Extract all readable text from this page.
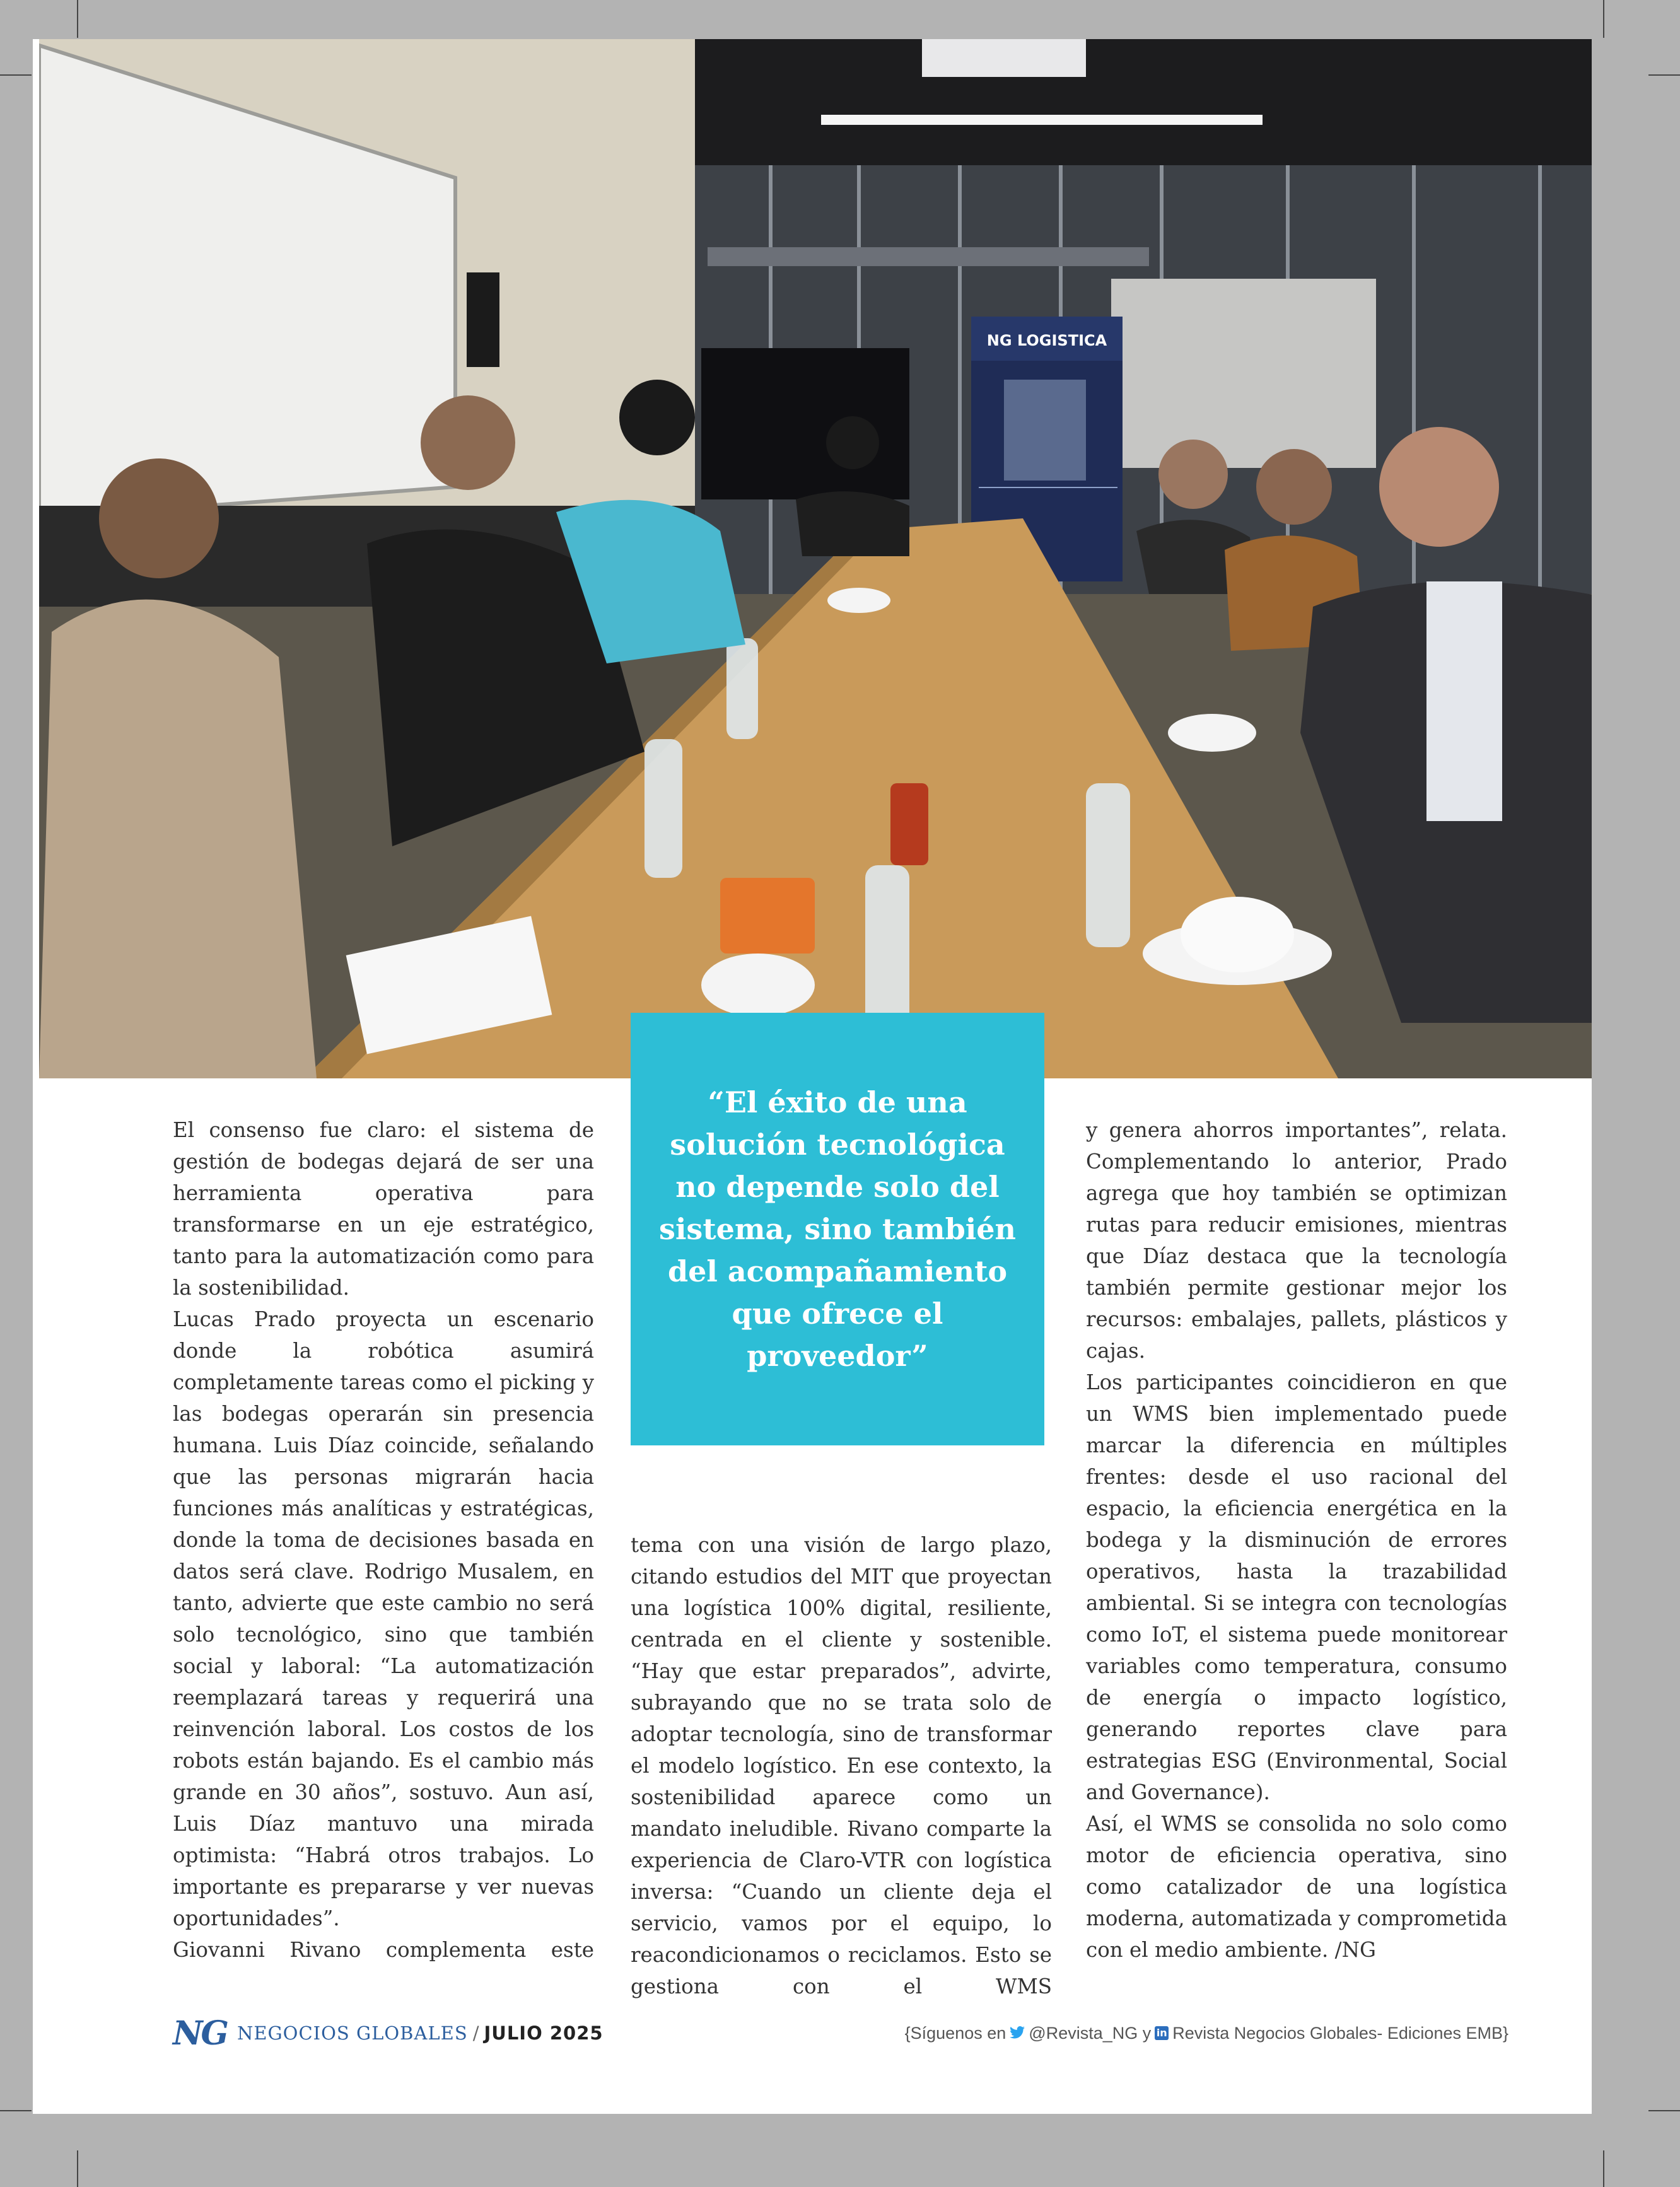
NG LOGISTICA

“El éxito de una solución tecnológica no depende solo del sistema, sino también del acompañamiento que ofrece el proveedor”

El consenso fue claro: el sistema de gestión de bodegas dejará de ser una herramienta operativa para transformarse en un eje estratégico, tanto para la automatización como para la sostenibilidad.

Lucas Prado proyecta un escenario donde la robótica asumirá completamente tareas como el picking y las bodegas operarán sin presencia humana. Luis Díaz coincide, señalando que las personas migrarán hacia funciones más analíticas y estratégicas, donde la toma de decisiones basada en datos será clave. Rodrigo Musalem, en tanto, advierte que este cambio no será solo tecnológico, sino que también social y laboral: “La automatización reemplazará tareas y requerirá una reinvención laboral. Los costos de los robots están bajando. Es el cambio más grande en 30 años”, sostuvo. Aun así, Luis Díaz mantuvo una mirada optimista: “Habrá otros trabajos. Lo importante es prepararse y ver nuevas oportunidades”.

Giovanni Rivano complementa este

tema con una visión de largo plazo, citando estudios del MIT que proyectan una logística 100% digital, resiliente, centrada en el cliente y sostenible. “Hay que estar preparados”, advirte, subrayando que no se trata solo de adoptar tecnología, sino de transformar el modelo logístico. En ese contexto, la sostenibilidad aparece como un mandato ineludible. Rivano comparte la experiencia de Claro-VTR con logística inversa: “Cuando un cliente deja el servicio, vamos por el equipo, lo reacondicionamos o reciclamos. Esto se gestiona con el WMS

y genera ahorros importantes”, relata. Complementando lo anterior, Prado agrega que hoy también se optimizan rutas para reducir emisiones, mientras que Díaz destaca que la tecnología también permite gestionar mejor los recursos: embalajes, pallets, plásticos y cajas.

Los participantes coincidieron en que un WMS bien implementado puede marcar la diferencia en múltiples frentes: desde el uso racional del espacio, la eficiencia energética en la bodega y la disminución de errores operativos, hasta la trazabilidad ambiental. Si se integra con tecnologías como IoT, el sistema puede monitorear variables como temperatura, consumo de energía o impacto logístico, generando reportes clave para estrategias ESG (Environmental, Social and Governance).

Así, el WMS se consolida no solo como motor de eficiencia operativa, sino como catalizador de una logística moderna, automatizada y comprometida con el medio ambiente. /NG

NG NEGOCIOS GLOBALES / JULIO 2025	{Síguenos en @Revista_NG y in Revista Negocios Globales- Ediciones EMB}
